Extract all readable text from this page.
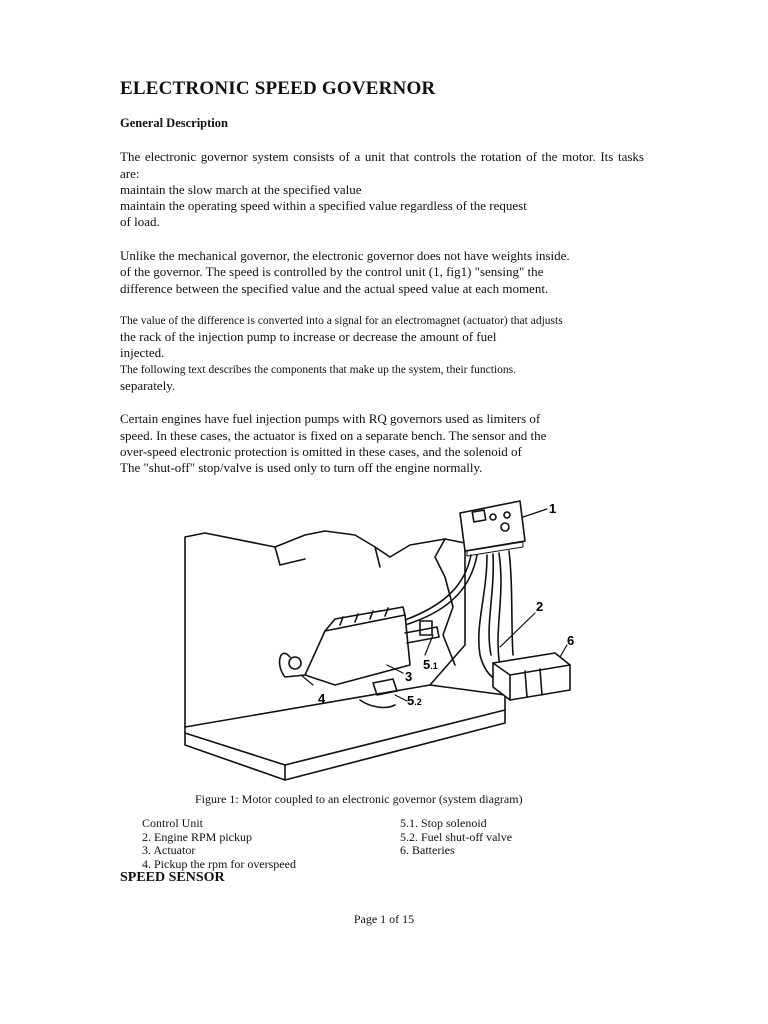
ELECTRONIC SPEED GOVERNOR
General Description

The electronic governor system consists of a unit that controls the rotation of the motor. Its tasks are:

maintain the slow march at the specified value

maintain the operating speed within a specified value regardless of the request

of load.

Unlike the mechanical governor, the electronic governor does not have weights inside.

of the governor. The speed is controlled by the control unit (1, fig1) "sensing" the

difference between the specified value and the actual speed value at each moment.

The value of the difference is converted into a signal for an electromagnet (actuator) that adjusts

the rack of the injection pump to increase or decrease the amount of fuel

injected.

The following text describes the components that make up the system, their functions.

separately.

Certain engines have fuel injection pumps with RQ governors used as limiters of

speed. In these cases, the actuator is fixed on a separate bench. The sensor and the

over-speed electronic protection is omitted in these cases, and the solenoid of

The "shut-off" stop/valve is used only to turn off the engine normally.

1
2
6
3
4
5.1
5.2

Figure 1: Motor coupled to an electronic governor (system diagram)

Control Unit
2. Engine RPM pickup
3. Actuator
4. Pickup the rpm for overspeed
5.1. Stop solenoid
5.2. Fuel shut-off valve
6. Batteries
SPEED SENSOR

Page 1 of 15
